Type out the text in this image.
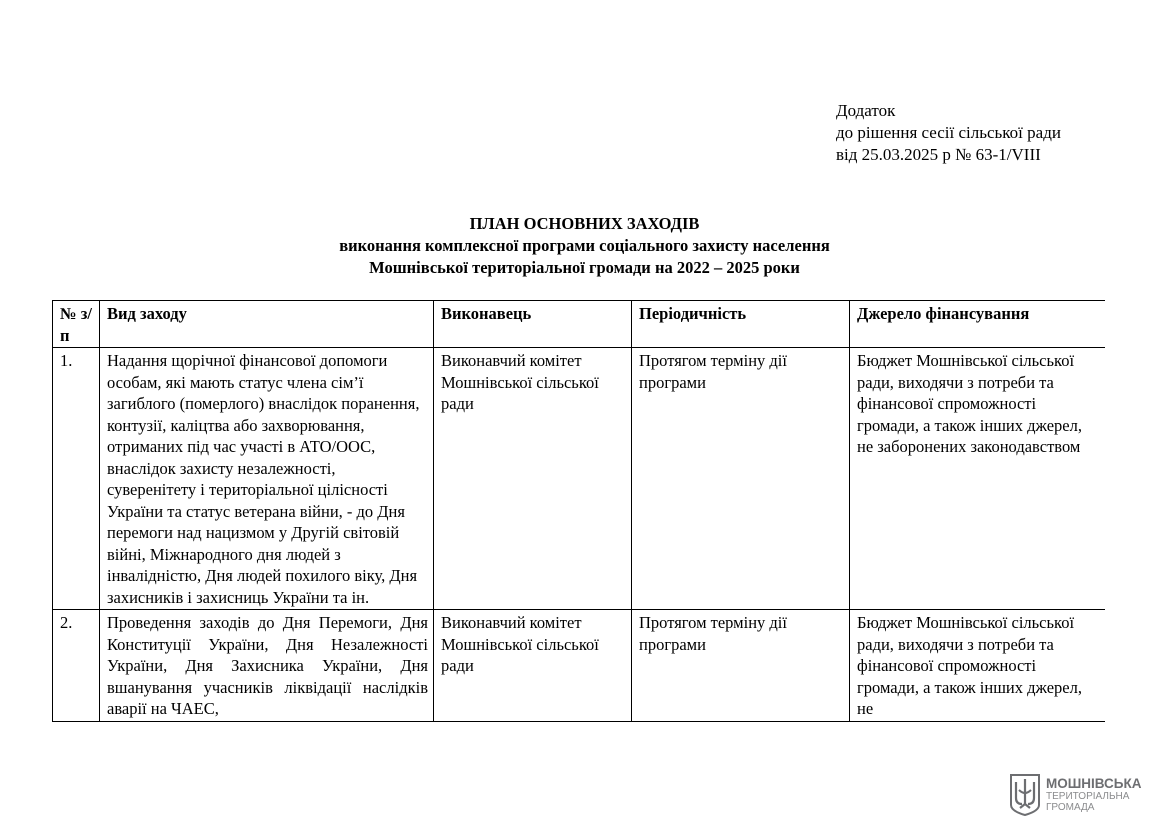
Додаток
до рішення сесії сільської ради
від 25.03.2025 р № 63-1/VIII
ПЛАН ОСНОВНИХ ЗАХОДІВ
виконання комплексної програми соціального захисту населення
Мошнівської територіальної громади на 2022 – 2025 роки
№ з/п	Вид заходу	Виконавець	Періодичність	Джерело фінансування
1.	Надання щорічної фінансової допомоги особам, які мають статус члена сім’ї загиблого (померлого) внаслідок поранення, контузії, каліцтва або захворювання, отриманих під час участі в АТО/ООС, внаслідок захисту незалежності, суверенітету і територіальної цілісності України та статус ветерана війни, - до Дня перемоги над нацизмом у Другій світовій війні, Міжнародного дня людей з інвалідністю, Дня людей похилого віку, Дня захисників і захисниць України та ін.	Виконавчий комітет Мошнівської сільської ради	Протягом терміну дії програми	Бюджет Мошнівської сільської ради, виходячи з потреби та фінансової спроможності громади, а також інших джерел, не заборонених законодавством
2.	Проведення заходів до Дня Перемоги, Дня Конституції України, Дня Незалежності України, Дня Захисника України, Дня вшанування учасників ліквідації наслідків аварії на ЧАЕС,	Виконавчий комітет Мошнівської сільської ради	Протягом терміну дії програми	Бюджет Мошнівської сільської ради, виходячи з потреби та фінансової спроможності громади, а також інших джерел, не
МОШНІВСЬКА
ТЕРИТОРІАЛЬНА
ГРОМАДА
